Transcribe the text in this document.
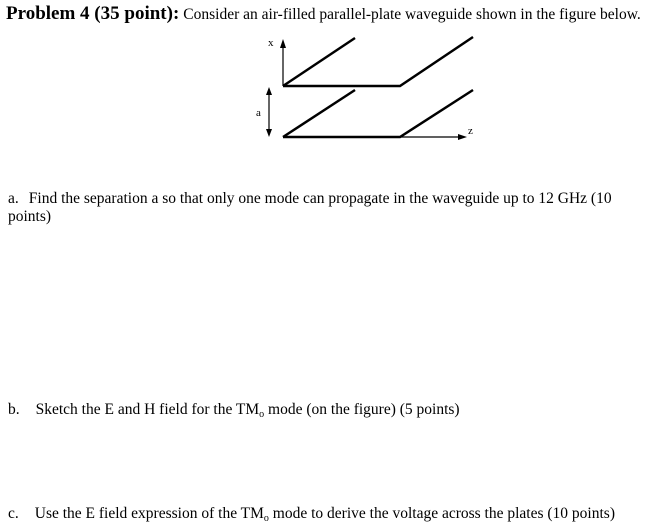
Problem 4 (35 point): Consider an air-filled parallel-plate waveguide shown in the figure below.
x
z
a
a. Find the separation a so that only one mode can propagate in the waveguide up to 12 GHz (10
points)
b. Sketch the E and H field for the $TM_o$ mode (on the figure) (5 points)
c. Use the E field expression of the $TM_o$ mode to derive the voltage across the plates (10 points)
